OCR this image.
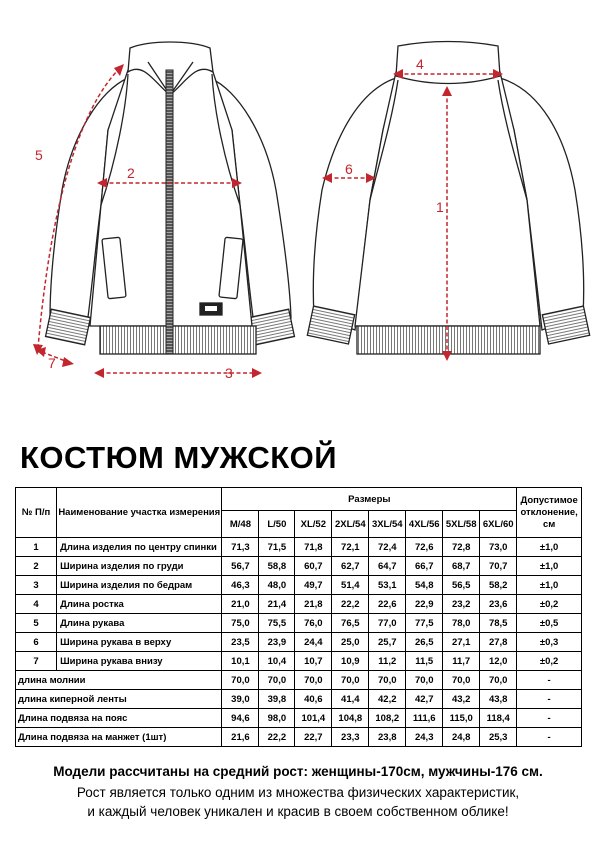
1
2
3
4
5
6
7
КОСТЮМ МУЖСКОЙ
№ П/п	Наименование участка измерения	Размеры								Допустимое отклонение, см
		M/48	L/50	XL/52	2XL/54	3XL/54	4XL/56	5XL/58	6XL/60	
1	Длина изделия по центру спинки	71,3	71,5	71,8	72,1	72,4	72,6	72,8	73,0	±1,0
2	Ширина изделия по груди	56,7	58,8	60,7	62,7	64,7	66,7	68,7	70,7	±1,0
3	Ширина изделия по бедрам	46,3	48,0	49,7	51,4	53,1	54,8	56,5	58,2	±1,0
4	Длина ростка	21,0	21,4	21,8	22,2	22,6	22,9	23,2	23,6	±0,2
5	Длина рукава	75,0	75,5	76,0	76,5	77,0	77,5	78,0	78,5	±0,5
6	Ширина рукава в верху	23,5	23,9	24,4	25,0	25,7	26,5	27,1	27,8	±0,3
7	Ширина рукава внизу	10,1	10,4	10,7	10,9	11,2	11,5	11,7	12,0	±0,2
длина молнии		70,0	70,0	70,0	70,0	70,0	70,0	70,0	70,0	-
длина киперной ленты		39,0	39,8	40,6	41,4	42,2	42,7	43,2	43,8	-
Длина подвяза на пояс		94,6	98,0	101,4	104,8	108,2	111,6	115,0	118,4	-
Длина подвяза на манжет (1шт)		21,6	22,2	22,7	23,3	23,8	24,3	24,8	25,3	-
Модели рассчитаны на средний рост: женщины-170см, мужчины-176 см.
Рост является только одним из множества физических характеристик,
и каждый человек уникален и красив в своем собственном облике!
